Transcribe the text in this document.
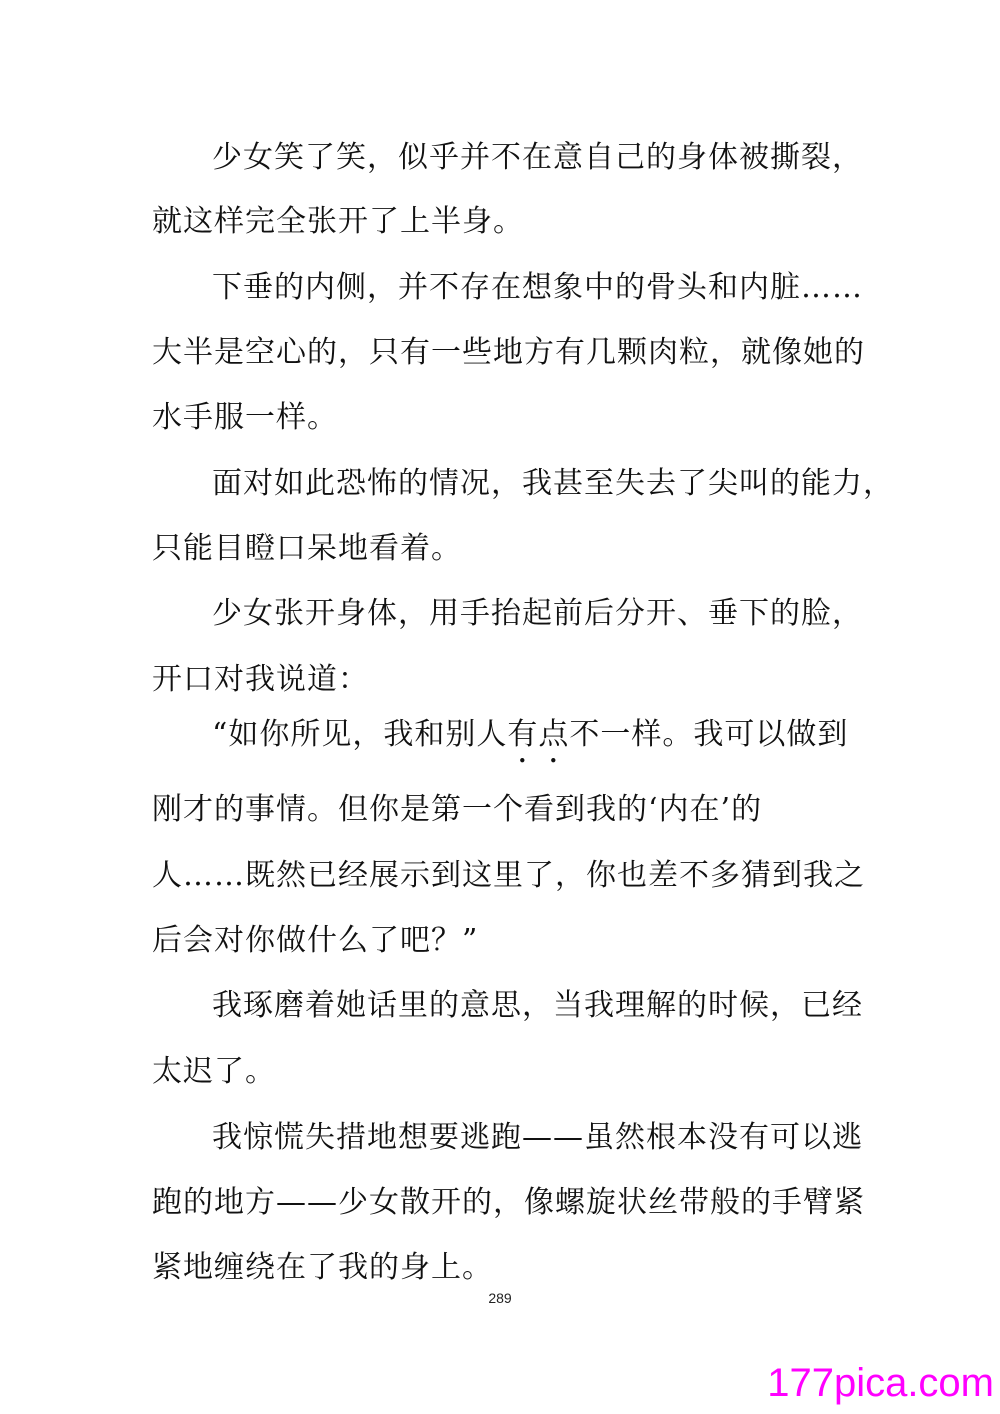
少女笑了笑，似乎并不在意自己的身体被撕裂，
就这样完全张开了上半身。
下垂的内侧，并不存在想象中的骨头和内脏……
大半是空心的，只有一些地方有几颗肉粒，就像她的
水手服一样。
面对如此恐怖的情况，我甚至失去了尖叫的能力，
只能目瞪口呆地看着。
少女张开身体，用手抬起前后分开、垂下的脸，
开口对我说道：
“如你所见，我和别人有点不一样。我可以做到
刚才的事情。但你是第一个看到我的‘内在’的
人……既然已经展示到这里了，你也差不多猜到我之
后会对你做什么了吧？”
我琢磨着她话里的意思，当我理解的时候，已经
太迟了。
我惊慌失措地想要逃跑——虽然根本没有可以逃
跑的地方——少女散开的，像螺旋状丝带般的手臂紧
紧地缠绕在了我的身上。
289
177pica.com
